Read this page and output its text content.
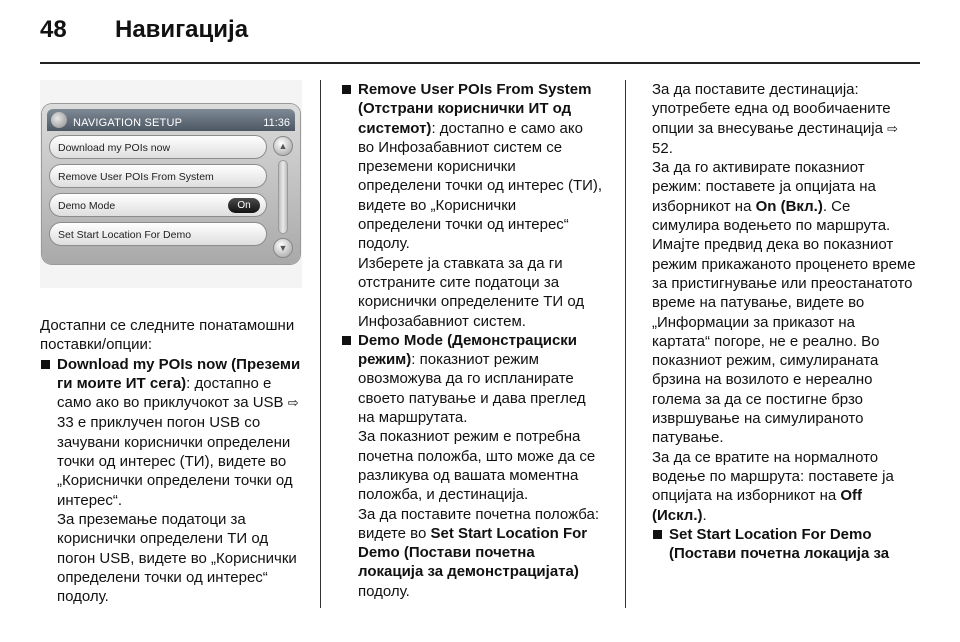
48 Навигација
NAVIGATION SETUP	11:36
Download my POIs now
Remove User POIs From System
Demo Mode	On
Set Start Location For Demo
▲
▼

Достапни се следните понатамошни поставки/опции:

Download my POIs now (Преземи ги моите ИТ сега): достапно е само ако во приклучокот за USB ⇨ 33 е приклучен погон USB со зачувани кориснички определени точки од интерес (ТИ), видете во „Кориснички определени точки од интерес“.

За преземање податоци за кориснички определени ТИ од погон USB, видете во „Кориснички определени точки од интерес“ подолу.

Remove User POIs From System (Отстрани кориснички ИТ од системот): достапно е само ако во Инфозабавниот систем се преземени кориснички определени точки од интерес (ТИ), видете во „Кориснички определени точки од интерес“ подолу.

Изберете ја ставката за да ги отстраните сите податоци за кориснички определените ТИ од Инфозабавниот систем.

Demo Mode (Демонстрациски режим): показниот режим овозможува да го испланирате своето патување и дава преглед на маршрутата.

За показниот режим е потребна почетна положба, што може да се разликува од вашата моментна положба, и дестинација.

За да поставите почетна положба: видете во Set Start Location For Demo (Постави почетна локација за демонстрацијата) подолу.

За да поставите дестинација: употребете една од вообичаените опции за внесување дестинација ⇨ 52.

За да го активирате показниот режим: поставете ја опцијата на изборникот на On (Вкл.). Се симулира водењето по маршрута.

Имајте предвид дека во показниот режим прикажаното проценето време за пристигнување или преостанатото време на патување, видете во „Информации за приказот на картата“ погоре, не е реално. Во показниот режим, симулираната брзина на возилото е нереално голема за да се постигне брзо извршување на симулираното патување.

За да се вратите на нормалното водење по маршрута: поставете ја опцијата на изборникот на Off (Искл.).

Set Start Location For Demo (Постави почетна локација за
